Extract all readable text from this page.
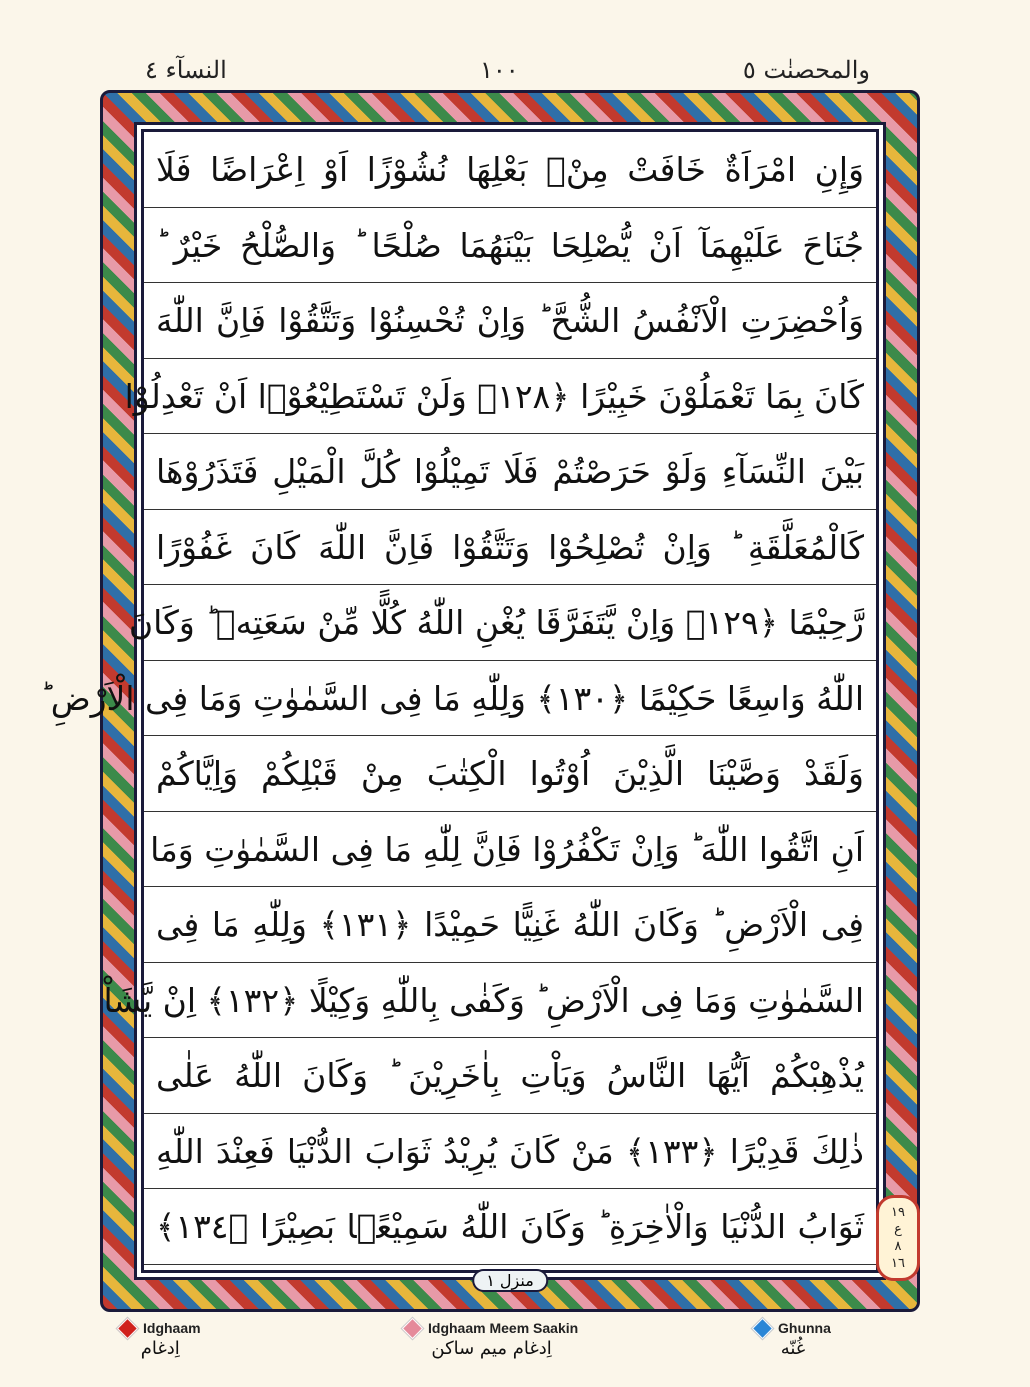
النسآء ٤	١٠٠	والمحصنٰت ٥
وَإِنِ امْرَاَةٌ خَافَتْ مِنْۢ بَعْلِهَا نُشُوْزًا اَوْ اِعْرَاضًا فَلَا
جُنَاحَ عَلَيْهِمَآ اَنْ يُّصْلِحَا بَيْنَهُمَا صُلْحًا ؕ وَالصُّلْحُ خَيْرٌ ؕ
وَاُحْضِرَتِ الْاَنْفُسُ الشُّحَّ ؕ وَاِنْ تُحْسِنُوْا وَتَتَّقُوْا فَاِنَّ اللّٰهَ
كَانَ بِمَا تَعْمَلُوْنَ خَبِيْرًا ﴿١٢٨﴾ وَلَنْ تَسْتَطِيْعُوْۤا اَنْ تَعْدِلُوْا
بَيْنَ النِّسَآءِ وَلَوْ حَرَصْتُمْ فَلَا تَمِيْلُوْا كُلَّ الْمَيْلِ فَتَذَرُوْهَا
كَالْمُعَلَّقَةِ ؕ وَاِنْ تُصْلِحُوْا وَتَتَّقُوْا فَاِنَّ اللّٰهَ كَانَ غَفُوْرًا
رَّحِيْمًا ﴿١٢٩﴾ وَاِنْ يَّتَفَرَّقَا يُغْنِ اللّٰهُ كُلًّا مِّنْ سَعَتِهٖ ؕ وَكَانَ
اللّٰهُ وَاسِعًا حَكِيْمًا ﴿١٣٠﴾ وَلِلّٰهِ مَا فِى السَّمٰوٰتِ وَمَا فِى الْاَرْضِ ؕ
وَلَقَدْ وَصَّيْنَا الَّذِيْنَ اُوْتُوا الْكِتٰبَ مِنْ قَبْلِكُمْ وَاِيَّاكُمْ
اَنِ اتَّقُوا اللّٰهَ ؕ وَاِنْ تَكْفُرُوْا فَاِنَّ لِلّٰهِ مَا فِى السَّمٰوٰتِ وَمَا
فِى الْاَرْضِ ؕ وَكَانَ اللّٰهُ غَنِيًّا حَمِيْدًا ﴿١٣١﴾ وَلِلّٰهِ مَا فِى
السَّمٰوٰتِ وَمَا فِى الْاَرْضِ ؕ وَكَفٰى بِاللّٰهِ وَكِيْلًا ﴿١٣٢﴾ اِنْ يَّشَاْ
يُذْهِبْكُمْ اَيُّهَا النَّاسُ وَيَاْتِ بِاٰخَرِيْنَ ؕ وَكَانَ اللّٰهُ عَلٰى
ذٰلِكَ قَدِيْرًا ﴿١٣٣﴾ مَنْ كَانَ يُرِيْدُ ثَوَابَ الدُّنْيَا فَعِنْدَ اللّٰهِ
ثَوَابُ الدُّنْيَا وَالْاٰخِرَةِ ؕ وَكَانَ اللّٰهُ سَمِيْعًۢا بَصِيْرًا ﴿١٣٤﴾
منزل ١
١٩
ع
٨
١٦
Idghaam
اِدغام
Idghaam Meem Saakin
اِدغام میم ساکن
Ghunna
غُنّه
